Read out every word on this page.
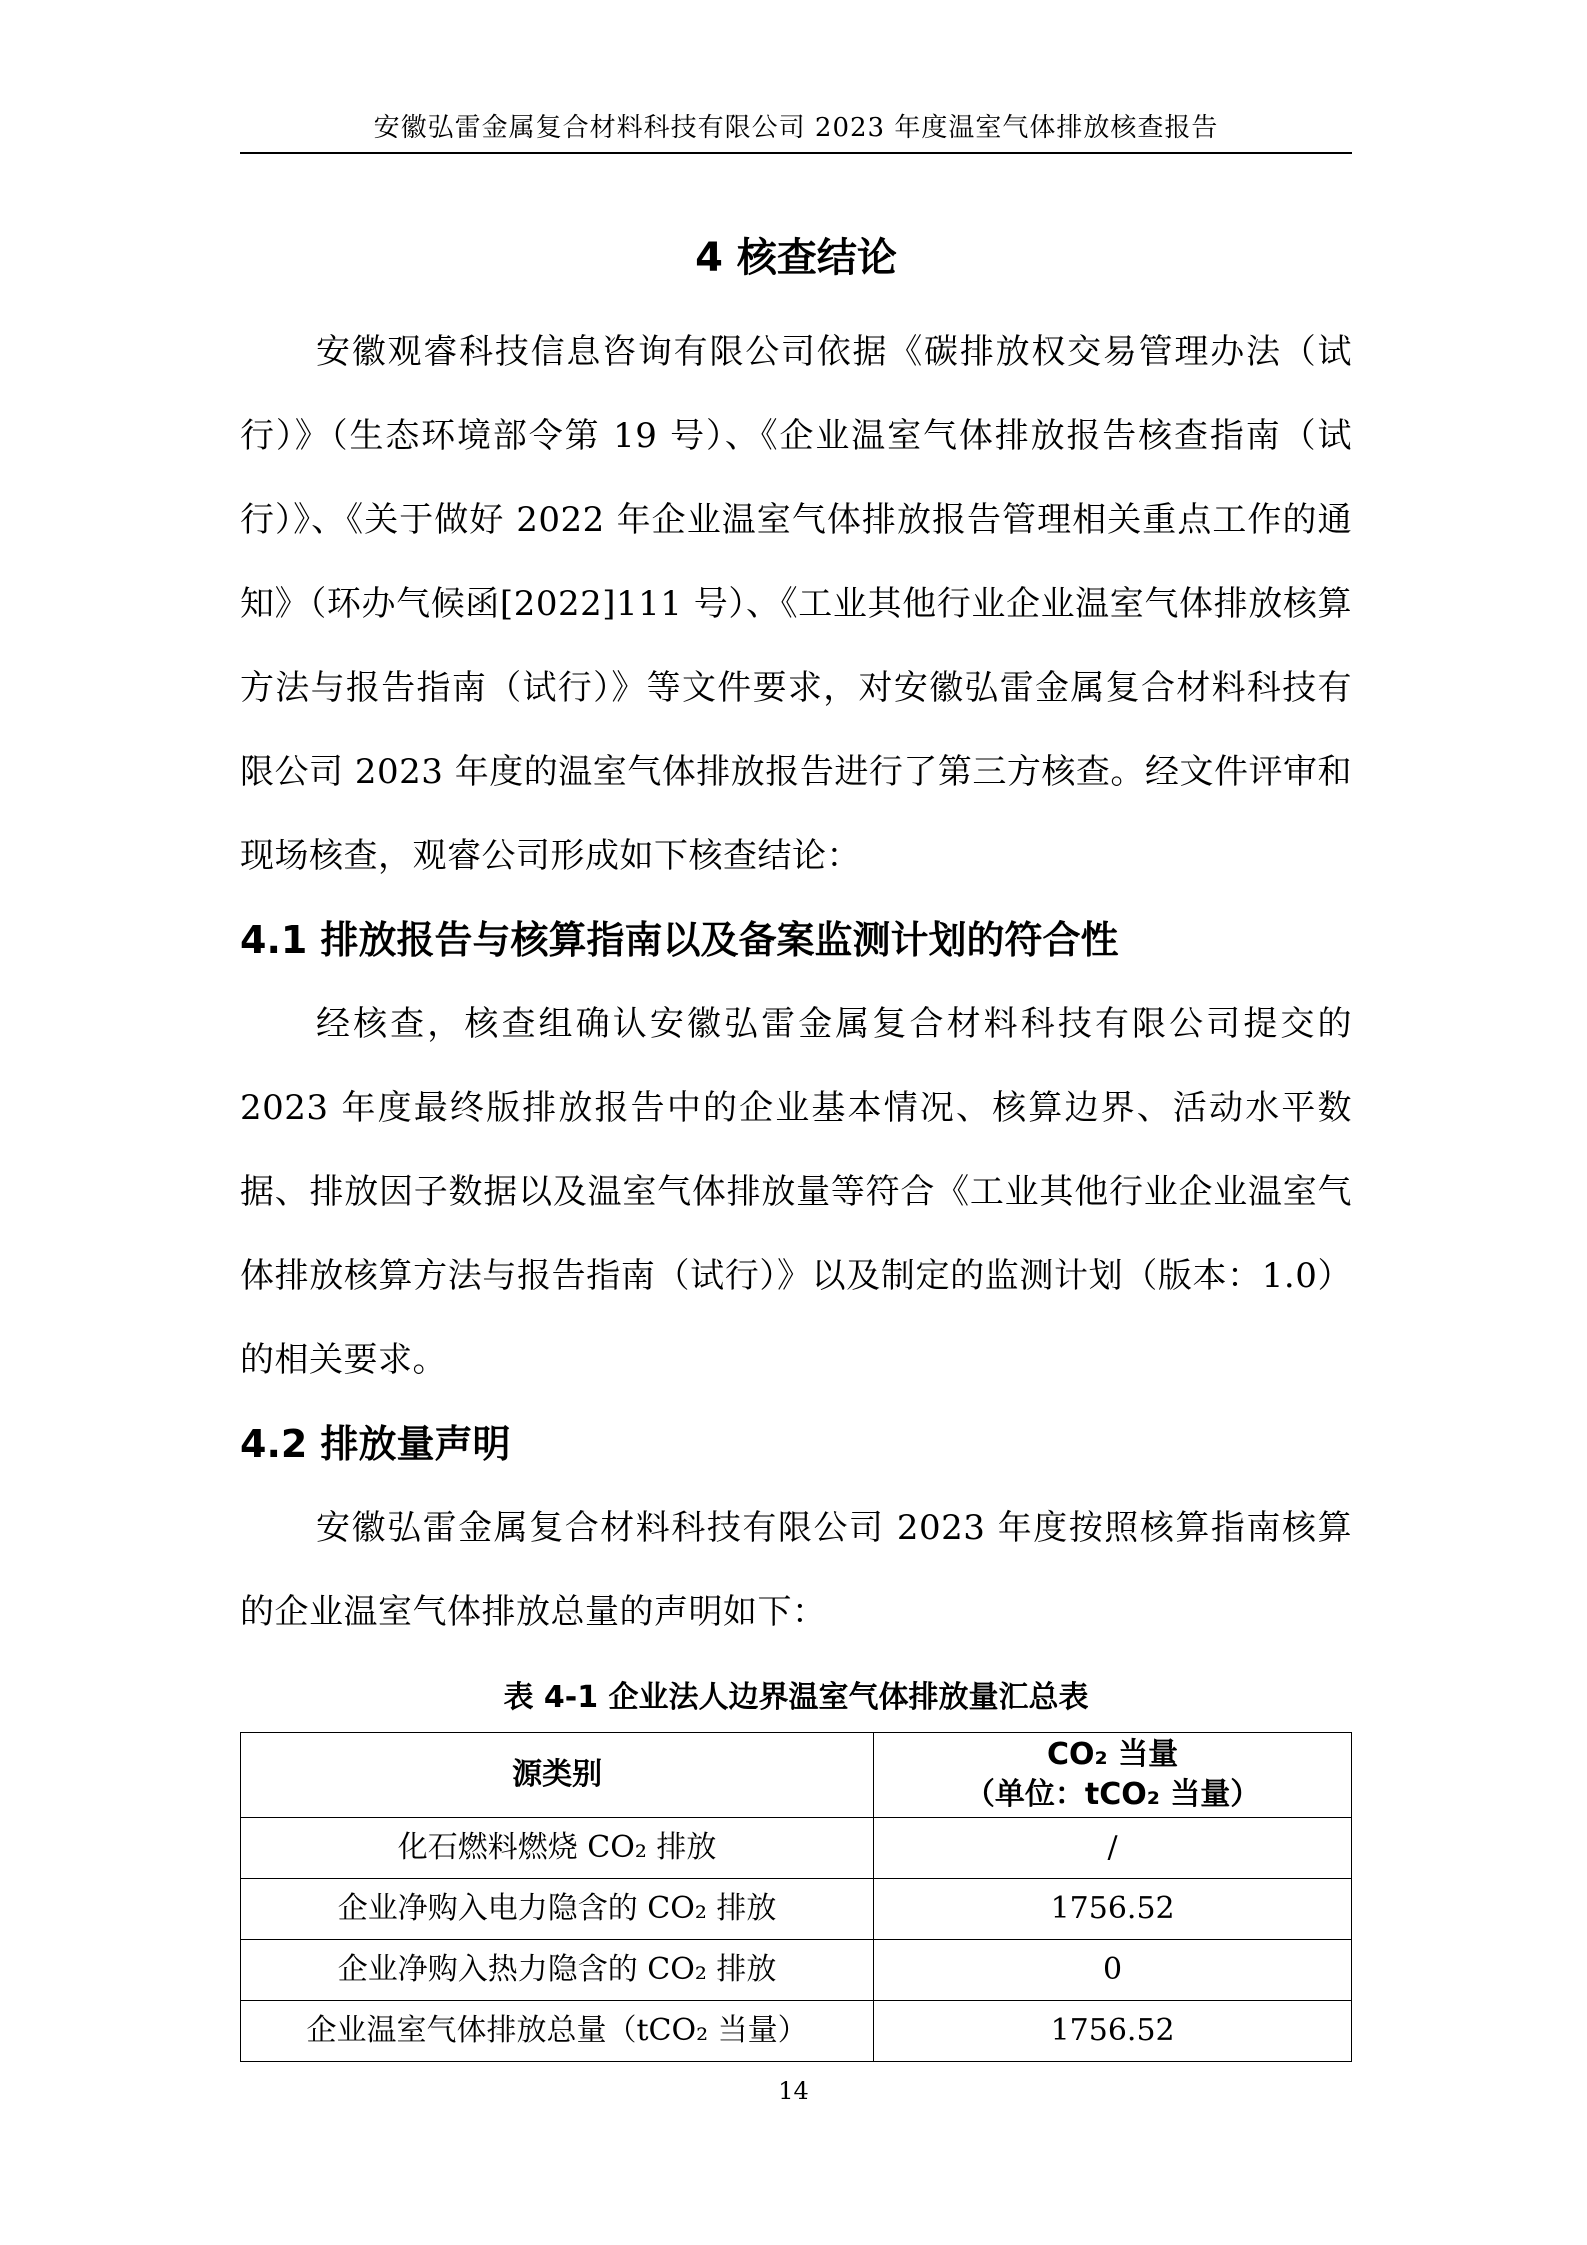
安徽弘雷金属复合材料科技有限公司 2023 年度温室气体排放核查报告
4 核查结论

安徽观睿科技信息咨询有限公司依据《碳排放权交易管理办法（试行）》（生态环境部令第 19 号）、《企业温室气体排放报告核查指南（试行）》、《关于做好 2022 年企业温室气体排放报告管理相关重点工作的通知》（环办气候函[2022]111 号）、《工业其他行业企业温室气体排放核算方法与报告指南（试行）》等文件要求，对安徽弘雷金属复合材料科技有限公司 2023 年度的温室气体排放报告进行了第三方核查。经文件评审和现场核查，观睿公司形成如下核查结论：

4.1 排放报告与核算指南以及备案监测计划的符合性

经核查，核查组确认安徽弘雷金属复合材料科技有限公司提交的 2023 年度最终版排放报告中的企业基本情况、核算边界、活动水平数据、排放因子数据以及温室气体排放量等符合《工业其他行业企业温室气体排放核算方法与报告指南（试行）》以及制定的监测计划（版本：1.0）的相关要求。

4.2 排放量声明

安徽弘雷金属复合材料科技有限公司 2023 年度按照核算指南核算的企业温室气体排放总量的声明如下：

表 4-1 企业法人边界温室气体排放量汇总表
源类别	CO₂ 当量
（单位：tCO₂ 当量）

化石燃料燃烧 CO₂ 排放	/
企业净购入电力隐含的 CO₂ 排放	1756.52
企业净购入热力隐含的 CO₂ 排放	0
企业温室气体排放总量（tCO₂ 当量）	1756.52
14
